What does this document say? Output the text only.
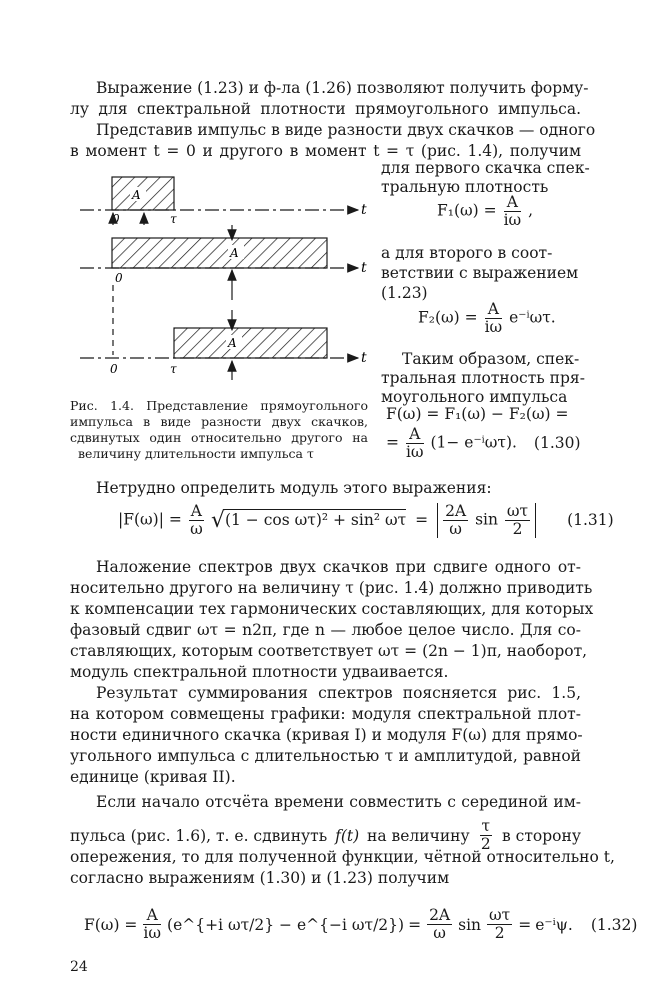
Выражение (1.23) и ф-ла (1.26) позволяют получить форму-
лу для спектральной плотности прямоугольного импульса.
Представив импульс в виде разности двух скачков — одного
в момент t = 0 и другого в момент t = τ (рис. 1.4), получим
для первого скачка спек-
тральную плотность
$F_1(\omega) = \frac{A}{i\omega}$ ,
а для второго в соот-
ветствии с выражением
(1.23)
$F_2(\omega) = \frac{A}{i\omega} e^{-i}\omega\tau$.
Таким образом, спек-
тральная плотность пря-
моугольного импульса
F(ω) = F₁(ω) − F₂(ω) =
= $\frac{A}{i\omega} (1- e^{-i}\omega\tau)$. (1.30)
A
t
0	τ
A
t
0
A
t
0	τ
Рис. 1.4. Представление прямоугольного
импульса в виде разности двух скачков,
сдвинутых один относительно другого на
величину длительности импульса τ
Нетрудно определить модуль этого выражения:
$|F(\omega)| = \frac{A}{\omega} √(1 - \cos \omega\tau)^2 + \sin^2$ $\omega\tau = \frac{2A}{\omega}$ $\sin \frac{\omega\tau}{2} (1.31)$
Наложение спектров двух скачков при сдвиге одного от-
носительно другого на величину τ (рис. 1.4) должно приводить
к компенсации тех гармонических составляющих, для которых
фазовый сдвиг ωτ = n2π, где n — любое целое число. Для со-
ставляющих, которым соответствует ωτ = (2n − 1)π, наоборот,
модуль спектральной плотности удваивается.
Результат суммирования спектров поясняется рис. 1.5,
на котором совмещены графики: модуля спектральной плот-
ности единичного скачка (кривая I) и модуля F(ω) для прямо-
угольного импульса с длительностью τ и амплитудой, равной
единице (кривая II).
Если начало отсчёта времени совместить с серединой им-
пульса (рис. 1.6), т. е. сдвинуть f(t) на величину $\frac{\tau}{2}$ в сторону
опережения, то для полученной функции, чётной относительно t,
согласно выражениям (1.30) и (1.23) получим
$F(\omega) = \frac{A}{i\omega}$ (e^{+i ωτ/2} − e^{−i $\omega\tau/2\}) = \frac{2A}{\omega}$ $\sin \frac{\omega\tau}{2} = e^{-i}\psi$. (1.32)
24
